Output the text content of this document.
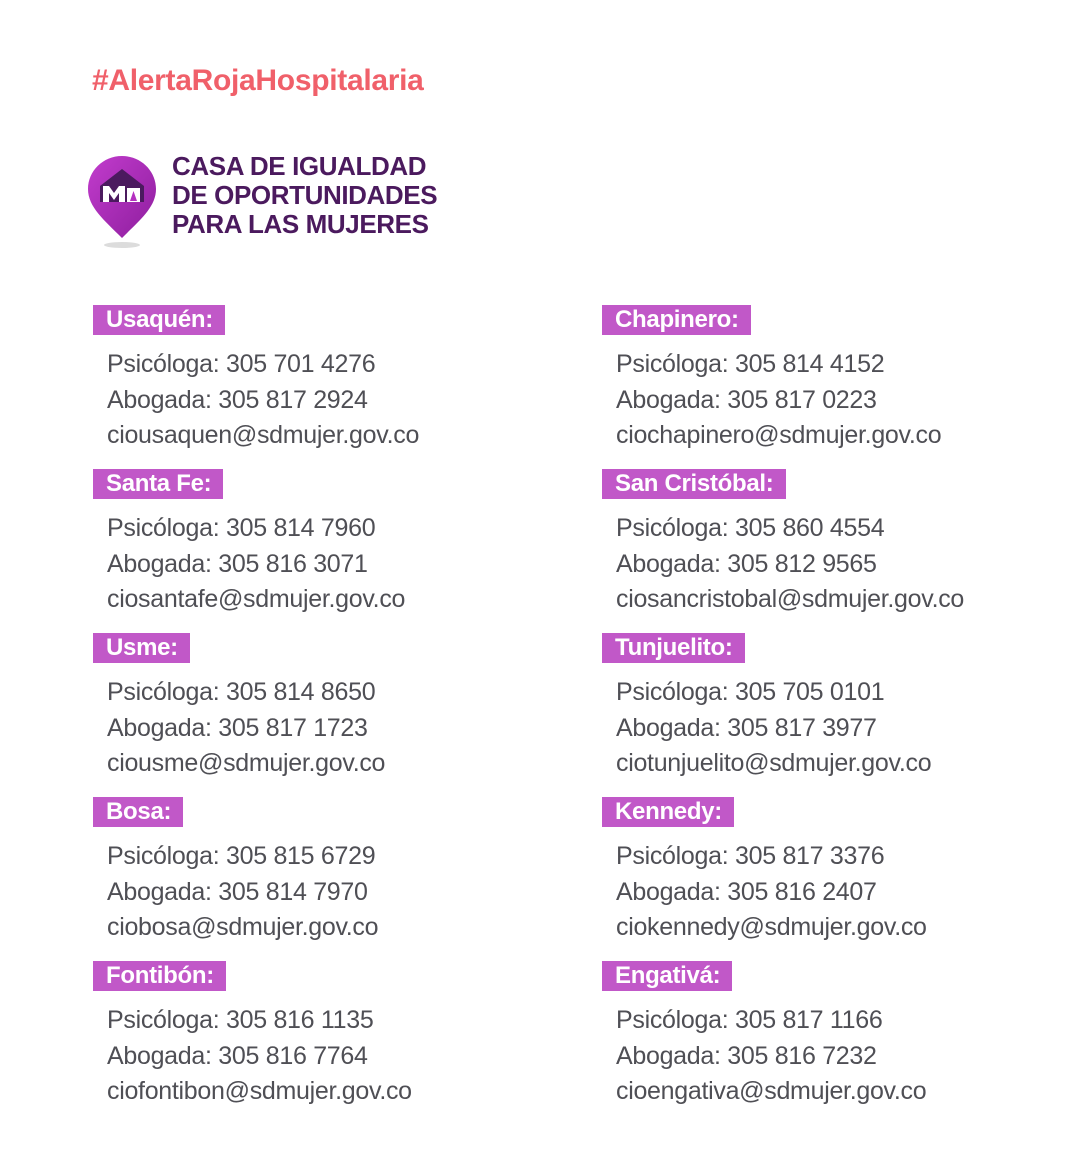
#AlertaRojaHospitalaria
CASA DE IGUALDAD
DE OPORTUNIDADES
PARA LAS MUJERES
Usaquén:
Psicóloga: 305 701 4276
Abogada: 305 817 2924
ciousaquen@sdmujer.gov.co
Santa Fe:
Psicóloga: 305 814 7960
Abogada: 305 816 3071
ciosantafe@sdmujer.gov.co
Usme:
Psicóloga: 305 814 8650
Abogada: 305 817 1723
ciousme@sdmujer.gov.co
Bosa:
Psicóloga: 305 815 6729
Abogada: 305 814 7970
ciobosa@sdmujer.gov.co
Fontibón:
Psicóloga: 305 816 1135
Abogada: 305 816 7764
ciofontibon@sdmujer.gov.co
Chapinero:
Psicóloga: 305 814 4152
Abogada: 305 817 0223
ciochapinero@sdmujer.gov.co
San Cristóbal:
Psicóloga: 305 860 4554
Abogada: 305 812 9565
ciosancristobal@sdmujer.gov.co
Tunjuelito:
Psicóloga: 305 705 0101
Abogada: 305 817 3977
ciotunjuelito@sdmujer.gov.co
Kennedy:
Psicóloga: 305 817 3376
Abogada: 305 816 2407
ciokennedy@sdmujer.gov.co
Engativá:
Psicóloga: 305 817 1166
Abogada: 305 816 7232
cioengativa@sdmujer.gov.co
